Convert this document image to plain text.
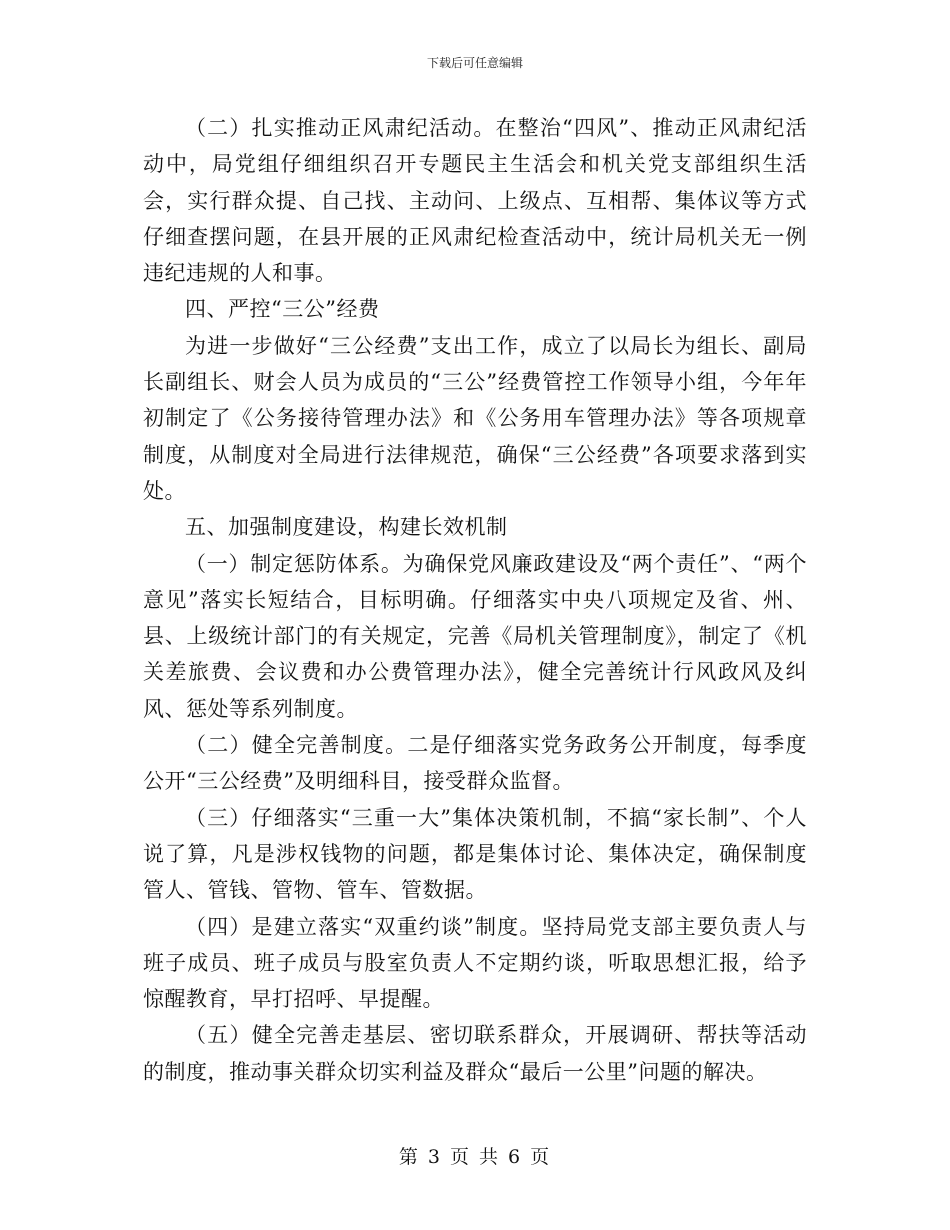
下载后可任意编辑

（二）扎实推动正风肃纪活动。在整治“四风”、推动正风肃纪活动中，局党组仔细组织召开专题民主生活会和机关党支部组织生活会，实行群众提、自己找、主动问、上级点、互相帮、集体议等方式仔细查摆问题，在县开展的正风肃纪检查活动中，统计局机关无一例违纪违规的人和事。

四、严控“三公”经费

为进一步做好“三公经费”支出工作，成立了以局长为组长、副局长副组长、财会人员为成员的“三公”经费管控工作领导小组，今年年初制定了《公务接待管理办法》和《公务用车管理办法》等各项规章制度，从制度对全局进行法律规范，确保“三公经费”各项要求落到实处。

五、加强制度建设，构建长效机制

（一）制定惩防体系。为确保党风廉政建设及“两个责任”、“两个意见”落实长短结合，目标明确。仔细落实中央八项规定及省、州、县、上级统计部门的有关规定，完善《局机关管理制度》，制定了《机关差旅费、会议费和办公费管理办法》，健全完善统计行风政风及纠风、惩处等系列制度。

（二）健全完善制度。二是仔细落实党务政务公开制度，每季度公开“三公经费”及明细科目，接受群众监督。

（三）仔细落实“三重一大”集体决策机制，不搞“家长制”、个人说了算，凡是涉权钱物的问题，都是集体讨论、集体决定，确保制度管人、管钱、管物、管车、管数据。

（四）是建立落实“双重约谈”制度。坚持局党支部主要负责人与班子成员、班子成员与股室负责人不定期约谈，听取思想汇报，给予惊醒教育，早打招呼、早提醒。

（五）健全完善走基层、密切联系群众，开展调研、帮扶等活动的制度，推动事关群众切实利益及群众“最后一公里”问题的解决。

第 3 页 共 6 页
